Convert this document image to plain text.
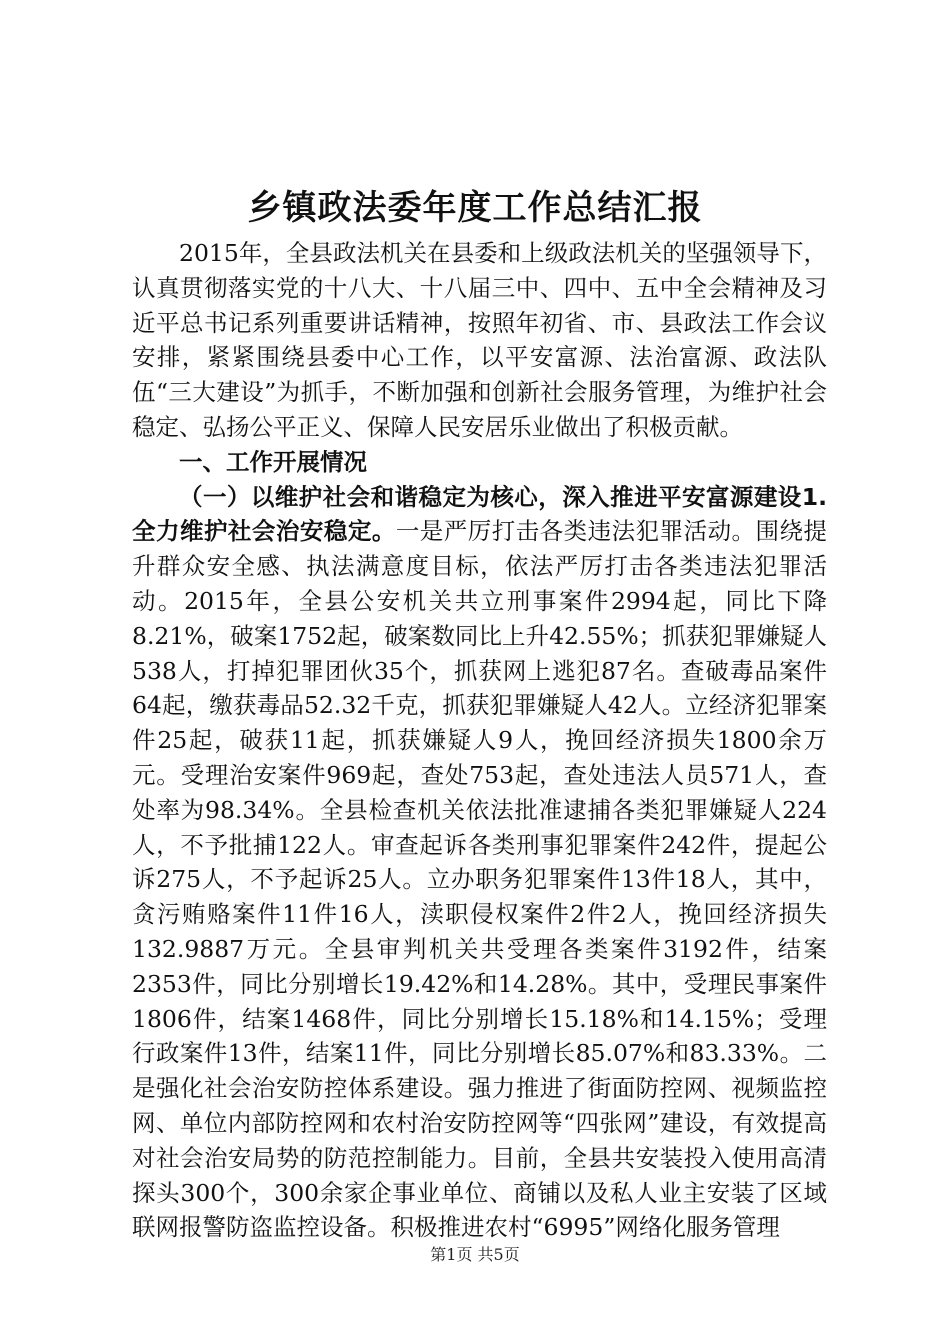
乡镇政法委年度工作总结汇报

2015年，全县政法机关在县委和上级政法机关的坚强领导下，认真贯彻落实党的十八大、十八届三中、四中、五中全会精神及习近平总书记系列重要讲话精神，按照年初省、市、县政法工作会议安排，紧紧围绕县委中心工作，以平安富源、法治富源、政法队伍“三大建设”为抓手，不断加强和创新社会服务管理，为维护社会稳定、弘扬公平正义、保障人民安居乐业做出了积极贡献。

一、工作开展情况

（一）以维护社会和谐稳定为核心，深入推进平安富源建设1.全力维护社会治安稳定。一是严厉打击各类违法犯罪活动。围绕提升群众安全感、执法满意度目标，依法严厉打击各类违法犯罪活动。2015年，全县公安机关共立刑事案件2994起，同比下降8.21%，破案1752起，破案数同比上升42.55%；抓获犯罪嫌疑人538人，打掉犯罪团伙35个，抓获网上逃犯87名。查破毒品案件64起，缴获毒品52.32千克，抓获犯罪嫌疑人42人。立经济犯罪案件25起，破获11起，抓获嫌疑人9人，挽回经济损失1800余万元。受理治安案件969起，查处753起，查处违法人员571人，查处率为98.34%。全县检查机关依法批准逮捕各类犯罪嫌疑人224人，不予批捕122人。审查起诉各类刑事犯罪案件242件，提起公诉275人，不予起诉25人。立办职务犯罪案件13件18人，其中，贪污贿赂案件11件16人，渎职侵权案件2件2人，挽回经济损失132.9887万元。全县审判机关共受理各类案件3192件，结案2353件，同比分别增长19.42%和14.28%。其中，受理民事案件1806件，结案1468件，同比分别增长15.18%和14.15%；受理行政案件13件，结案11件，同比分别增长85.07%和83.33%。二是强化社会治安防控体系建设。强力推进了街面防控网、视频监控网、单位内部防控网和农村治安防控网等“四张网”建设，有效提高对社会治安局势的防范控制能力。目前，全县共安装投入使用高清探头300个，300余家企事业单位、商铺以及私人业主安装了区域联网报警防盗监控设备。积极推进农村“6995”网络化服务管理

第1页 共5页
